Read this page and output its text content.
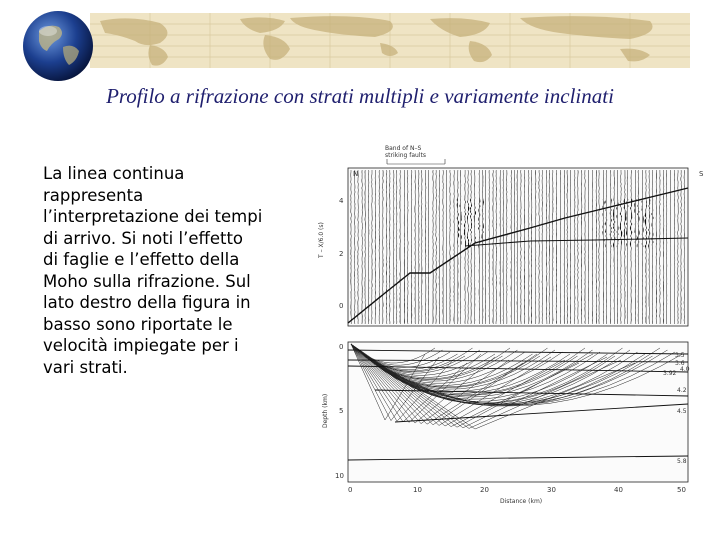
Profilo a rifrazione con strati multipli e variamente inclinati
La linea continua rappresenta l’interpretazione dei tempi di arrivo. Si noti l’effetto di faglie e l’effetto della Moho sulla rifrazione. Sul lato destro della figura in basso sono riportate le velocità impiegate per i vari strati.
Band of N–S
striking faults
N	S
T – X/6.0 (s)
4
2
0
3.5
3.6
3.92
4.0
4.2
4.5
5.8
Depth (km)
0
5
10
0	10	20	30	40	50
Distance (km)
